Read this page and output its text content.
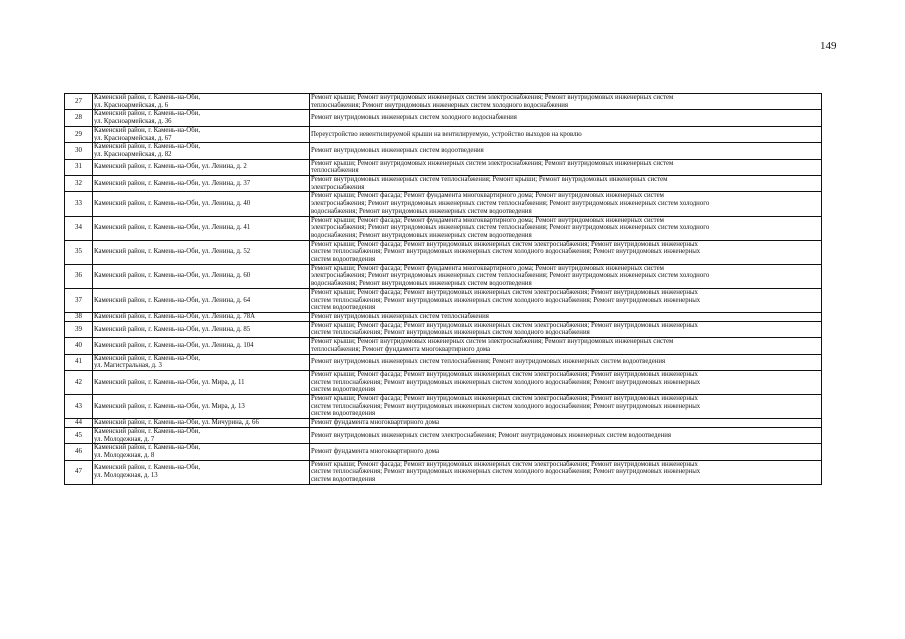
149
27	Каменский район, г. Камень-на-Оби,
ул. Красноармейская, д. 6	Ремонт крыши; Ремонт внутридомовых инженерных систем электроснабжения; Ремонт внутридомовых инженерных систем
теплоснабжения; Ремонт внутридомовых инженерных систем холодного водоснабжения
28	Каменский район, г. Камень-на-Оби,
ул. Красноармейская, д. 36	Ремонт внутридомовых инженерных систем холодного водоснабжения
29	Каменский район, г. Камень-на-Оби,
ул. Красноармейская, д. 67	Переустройство невентилируемой крыши на вентилируемую, устройство выходов на кровлю
30	Каменский район, г. Камень-на-Оби,
ул. Красноармейская, д. 82	Ремонт внутридомовых инженерных систем водоотведения
31	Каменский район, г. Камень-на-Оби, ул. Ленина, д. 2	Ремонт крыши; Ремонт внутридомовых инженерных систем электроснабжения; Ремонт внутридомовых инженерных систем
теплоснабжения
32	Каменский район, г. Камень-на-Оби, ул. Ленина, д. 37	Ремонт внутридомовых инженерных систем теплоснабжения; Ремонт крыши; Ремонт внутридомовых инженерных систем
электроснабжения
33	Каменский район, г. Камень-на-Оби, ул. Ленина, д. 40	Ремонт крыши; Ремонт фасада; Ремонт фундамента многоквартирного дома; Ремонт внутридомовых инженерных систем
электроснабжения; Ремонт внутридомовых инженерных систем теплоснабжения; Ремонт внутридомовых инженерных систем холодного
водоснабжения; Ремонт внутридомовых инженерных систем водоотведения
34	Каменский район, г. Камень-на-Оби, ул. Ленина, д. 41	Ремонт крыши; Ремонт фасада; Ремонт фундамента многоквартирного дома; Ремонт внутридомовых инженерных систем
электроснабжения; Ремонт внутридомовых инженерных систем теплоснабжения; Ремонт внутридомовых инженерных систем холодного
водоснабжения; Ремонт внутридомовых инженерных систем водоотведения
35	Каменский район, г. Камень-на-Оби, ул. Ленина, д. 52	Ремонт крыши; Ремонт фасада; Ремонт внутридомовых инженерных систем электроснабжения; Ремонт внутридомовых инженерных
систем теплоснабжения; Ремонт внутридомовых инженерных систем холодного водоснабжения; Ремонт внутридомовых инженерных
систем водоотведения
36	Каменский район, г. Камень-на-Оби, ул. Ленина, д. 60	Ремонт крыши; Ремонт фасада; Ремонт фундамента многоквартирного дома; Ремонт внутридомовых инженерных систем
электроснабжения; Ремонт внутридомовых инженерных систем теплоснабжения; Ремонт внутридомовых инженерных систем холодного
водоснабжения; Ремонт внутридомовых инженерных систем водоотведения
37	Каменский район, г. Камень-на-Оби, ул. Ленина, д. 64	Ремонт крыши; Ремонт фасада; Ремонт внутридомовых инженерных систем электроснабжения; Ремонт внутридомовых инженерных
систем теплоснабжения; Ремонт внутридомовых инженерных систем холодного водоснабжения; Ремонт внутридомовых инженерных
систем водоотведения
38	Каменский район, г. Камень-на-Оби, ул. Ленина, д. 78А	Ремонт внутридомовых инженерных систем теплоснабжения
39	Каменский район, г. Камень-на-Оби, ул. Ленина, д. 85	Ремонт крыши; Ремонт фасада; Ремонт внутридомовых инженерных систем электроснабжения; Ремонт внутридомовых инженерных
систем теплоснабжения; Ремонт внутридомовых инженерных систем холодного водоснабжения
40	Каменский район, г. Камень-на-Оби, ул. Ленина, д. 104	Ремонт крыши; Ремонт внутридомовых инженерных систем электроснабжения; Ремонт внутридомовых инженерных систем
теплоснабжения; Ремонт фундамента многоквартирного дома
41	Каменский район, г. Камень-на-Оби,
ул. Магистральная, д. 3	Ремонт внутридомовых инженерных систем теплоснабжения; Ремонт внутридомовых инженерных систем водоотведения
42	Каменский район, г. Камень-на-Оби, ул. Мира, д. 11	Ремонт крыши; Ремонт фасада; Ремонт внутридомовых инженерных систем электроснабжения; Ремонт внутридомовых инженерных
систем теплоснабжения; Ремонт внутридомовых инженерных систем холодного водоснабжения; Ремонт внутридомовых инженерных
систем водоотведения
43	Каменский район, г. Камень-на-Оби, ул. Мира, д. 13	Ремонт крыши; Ремонт фасада; Ремонт внутридомовых инженерных систем электроснабжения; Ремонт внутридомовых инженерных
систем теплоснабжения; Ремонт внутридомовых инженерных систем холодного водоснабжения; Ремонт внутридомовых инженерных
систем водоотведения
44	Каменский район, г. Камень-на-Оби, ул. Мичурина, д. 66	Ремонт фундамента многоквартирного дома
45	Каменский район, г. Камень-на-Оби,
ул. Молодежная, д. 7	Ремонт внутридомовых инженерных систем электроснабжения; Ремонт внутридомовых инженерных систем водоотведения
46	Каменский район, г. Камень-на-Оби,
ул. Молодежная, д. 8	Ремонт фундамента многоквартирного дома
47	Каменский район, г. Камень-на-Оби,
ул. Молодежная, д. 13	Ремонт крыши; Ремонт фасада; Ремонт внутридомовых инженерных систем электроснабжения; Ремонт внутридомовых инженерных
систем теплоснабжения; Ремонт внутридомовых инженерных систем холодного водоснабжения; Ремонт внутридомовых инженерных
систем водоотведения
